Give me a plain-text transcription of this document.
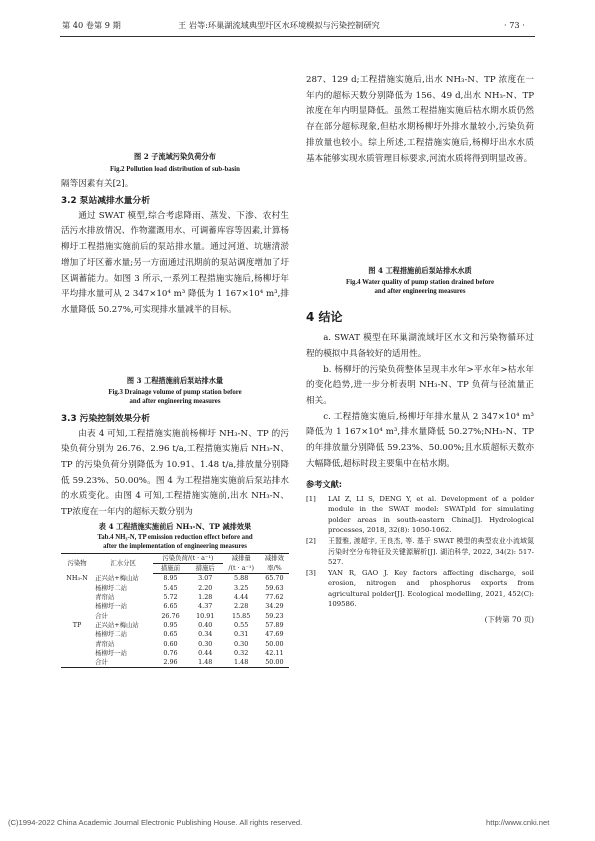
第 40 卷第 9 期	王 岩等:环巢湖流域典型圩区水环境模拟与污染控制研究	· 73 ·
图 2 子流域污染负荷分布
Fig.2 Pollution load distribution of sub-basin

隔等因素有关[2]。

3.2 泵站减排水量分析

通过 SWAT 模型,综合考虑降雨、蒸发、下渗、农村生活污水排放情况、作物灌溉用水、可调蓄库容等因素,计算杨柳圩工程措施实施前后的泵站排水量。通过河道、坑塘清淤增加了圩区蓄水量;另一方面通过汛期前的泵站调度增加了圩区调蓄能力。如图 3 所示,一系列工程措施实施后,杨柳圩年平均排水量可从 2 347×10⁴ m³ 降低为 1 167×10⁴ m³,排水量降低 50.27%,可实现排水量减半的目标。

图 3 工程措施前后泵站排水量
Fig.3 Drainage volume of pump station before
and after engineering measures
3.3 污染控制效果分析

由表 4 可知,工程措施实施前杨柳圩 NH₃-N、TP 的污染负荷分别为 26.76、2.96 t/a,工程措施实施后 NH₃-N、TP 的污染负荷分别降低为 10.91、1.48 t/a,排放量分别降低 59.23%、50.00%。图 4 为工程措施实施前后泵站排水的水质变化。由图 4 可知,工程措施实施前,出水 NH₃-N、TP浓度在一年内的超标天数分别为

表 4 工程措施实施前后 NH₃-N、TP 减排效果
Tab.4 NH₃-N, TP emission reduction effect before and
after the implementation of engineering measures
污染物	汇水分区	污染负荷/(t · a⁻¹)		减排量	减排效
		措施前	措施后	/(t · a⁻¹)	率/%
NH₃-N	正兴站+梅山站	8.95	3.07	5.88	65.70
	杨柳圩二站	5.45	2.20	3.25	59.63
	青帘站	5.72	1.28	4.44	77.62
	杨柳圩一站	6.65	4.37	2.28	34.29
	合计	26.76	10.91	15.85	59.23
TP	正兴站+梅山站	0.95	0.40	0.55	57.89
	杨柳圩二站	0.65	0.34	0.31	47.69
	青帘站	0.60	0.30	0.30	50.00
	杨柳圩一站	0.76	0.44	0.32	42.11
	合计	2.96	1.48	1.48	50.00

287、129 d;工程措施实施后,出水 NH₃-N、TP 浓度在一年内的超标天数分别降低为 156、49 d,出水 NH₃-N、TP 浓度在年内明显降低。虽然工程措施实施后枯水期水质仍然存在部分超标现象,但枯水期杨柳圩外排水量较小,污染负荷排放量也较小。综上所述,工程措施实施后,杨柳圩出水水质基本能够实现水质管理目标要求,河流水质将得到明显改善。

图 4 工程措施前后泵站排水水质
Fig.4 Water quality of pump station drained before
and after engineering measures
4 结论

a. SWAT 模型在环巢湖流域圩区水文和污染物循环过程的模拟中具备较好的适用性。

b. 杨柳圩的污染负荷整体呈现丰水年>平水年>枯水年的变化趋势,进一步分析表明 NH₃-N、TP 负荷与径流量正相关。

c. 工程措施实施后,杨柳圩年排水量从 2 347×10⁴ m³ 降低为 1 167×10⁴ m³,排水量降低 50.27%;NH₃-N、TP 的年排放量分别降低 59.23%、50.00%;且水质超标天数亦大幅降低,超标时段主要集中在枯水期。

参考文献:
[1]	LAI Z, LI S, DENG Y, et al. Development of a polder module in the SWAT model: SWATpld for simulating polder areas in south-eastern China[J]. Hydrological processes, 2018, 32(8): 1050-1062.
[2]	王盟雅, 渡超宇, 王良杰, 等. 基于 SWAT 模型的典型农业小流域氮污染时空分布特征及关键源解析[J]. 湖泊科学, 2022, 34(2): 517-527.
[3]	YAN R, GAO J. Key factors affecting discharge, soil erosion, nitrogen and phosphorus exports from agricultural polder[J]. Ecological modelling, 2021, 452(C): 109586.
(下转第 70 页)
(C)1994-2022 China Academic Journal Electronic Publishing House. All rights reserved.	http://www.cnki.net
